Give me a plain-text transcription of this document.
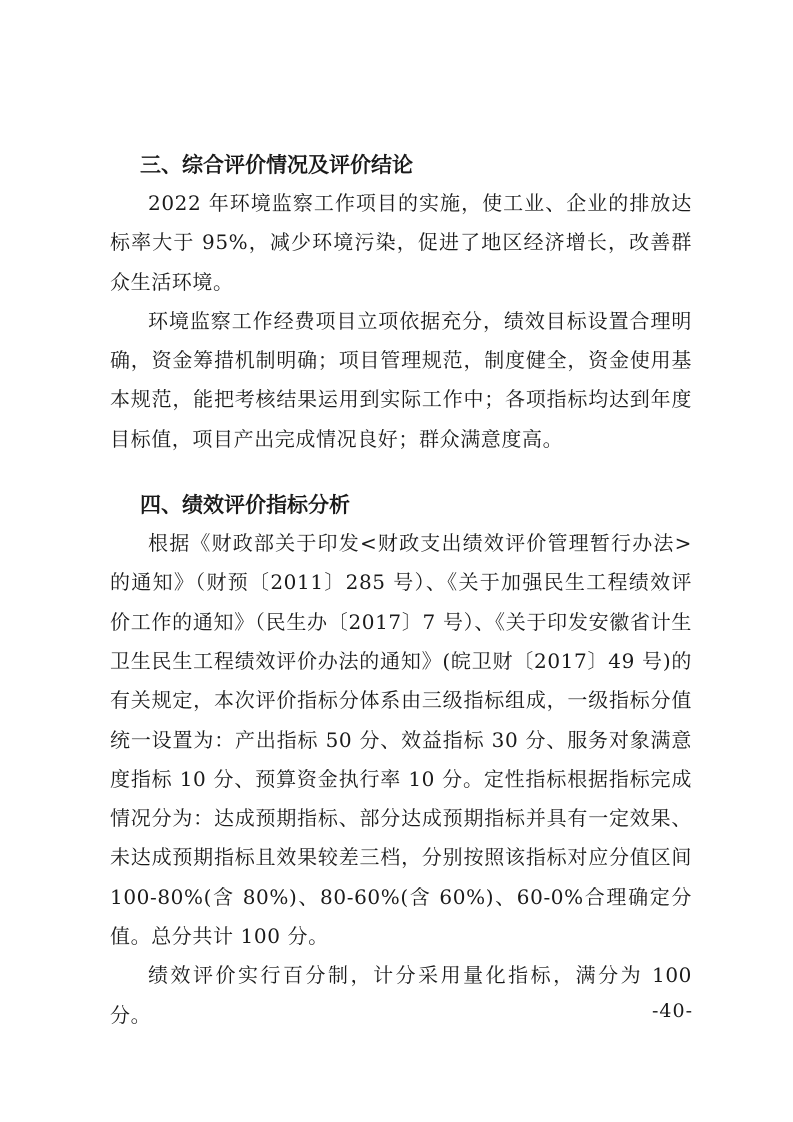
三、综合评价情况及评价结论

2022 年环境监察工作项目的实施，使工业、企业的排放达标率大于 95%，减少环境污染，促进了地区经济增长，改善群众生活环境。

环境监察工作经费项目立项依据充分，绩效目标设置合理明确，资金筹措机制明确；项目管理规范，制度健全，资金使用基本规范，能把考核结果运用到实际工作中；各项指标均达到年度目标值，项目产出完成情况良好；群众满意度高。

四、绩效评价指标分析

根据《财政部关于印发<财政支出绩效评价管理暂行办法>的通知》（财预〔2011〕285 号）、《关于加强民生工程绩效评价工作的通知》（民生办〔2017〕7 号）、《关于印发安徽省计生卫生民生工程绩效评价办法的通知》(皖卫财〔2017〕49 号)的有关规定，本次评价指标分体系由三级指标组成，一级指标分值统一设置为：产出指标 50 分、效益指标 30 分、服务对象满意度指标 10 分、预算资金执行率 10 分。定性指标根据指标完成情况分为：达成预期指标、部分达成预期指标并具有一定效果、未达成预期指标且效果较差三档，分别按照该指标对应分值区间 100-80%(含 80%)、80-60%(含 60%)、60-0%合理确定分值。总分共计 100 分。

绩效评价实行百分制，计分采用量化指标，满分为 100 分。	-40-
